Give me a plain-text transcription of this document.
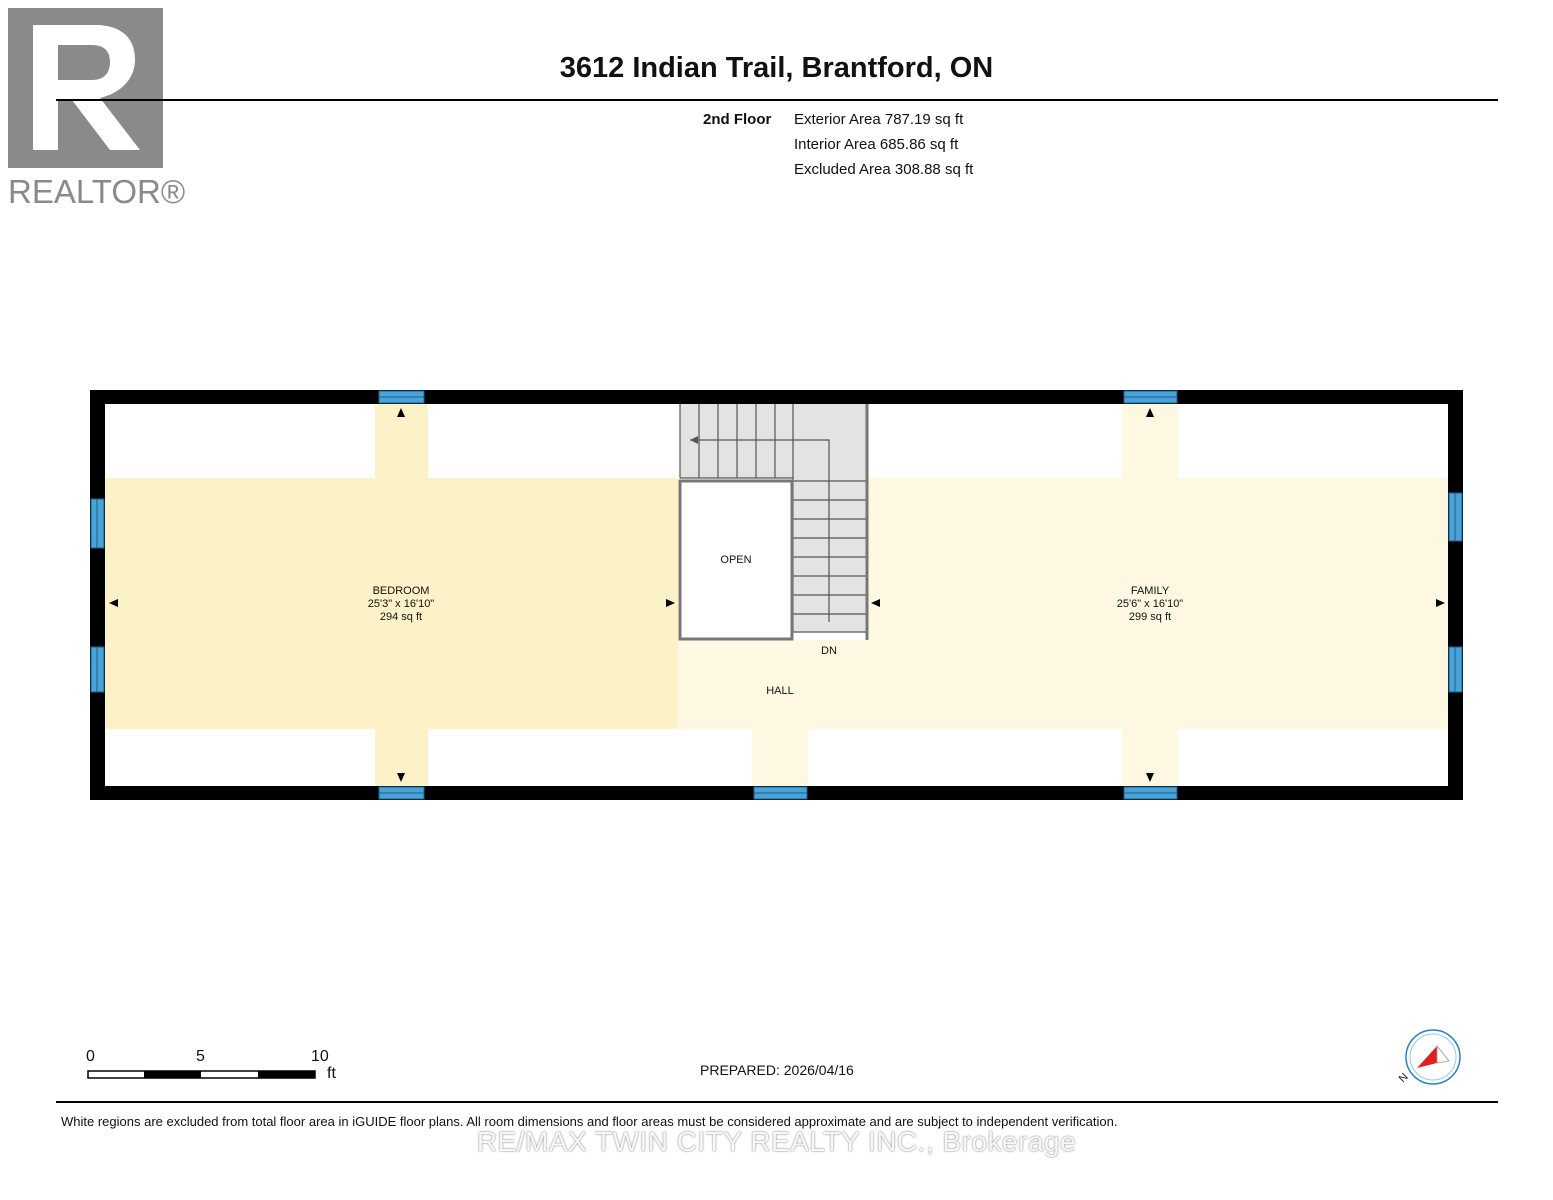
REALTOR®
3612 Indian Trail, Brantford, ON
2nd Floor Exterior Area 787.19 sq ft
Interior Area 685.86 sq ft
Excluded Area 308.88 sq ft
BEDROOM
25'3" x 16'10"
294 sq ft
FAMILY
25'6" x 16'10"
299 sq ft
OPEN
HALL
DN
N
0	5	10
ft	PREPARED: 2026/04/16
White regions are excluded from total floor area in iGUIDE floor plans. All room dimensions and floor areas must be considered approximate and are subject to independent verification.
RE/MAX TWIN CITY REALTY INC., Brokerage
